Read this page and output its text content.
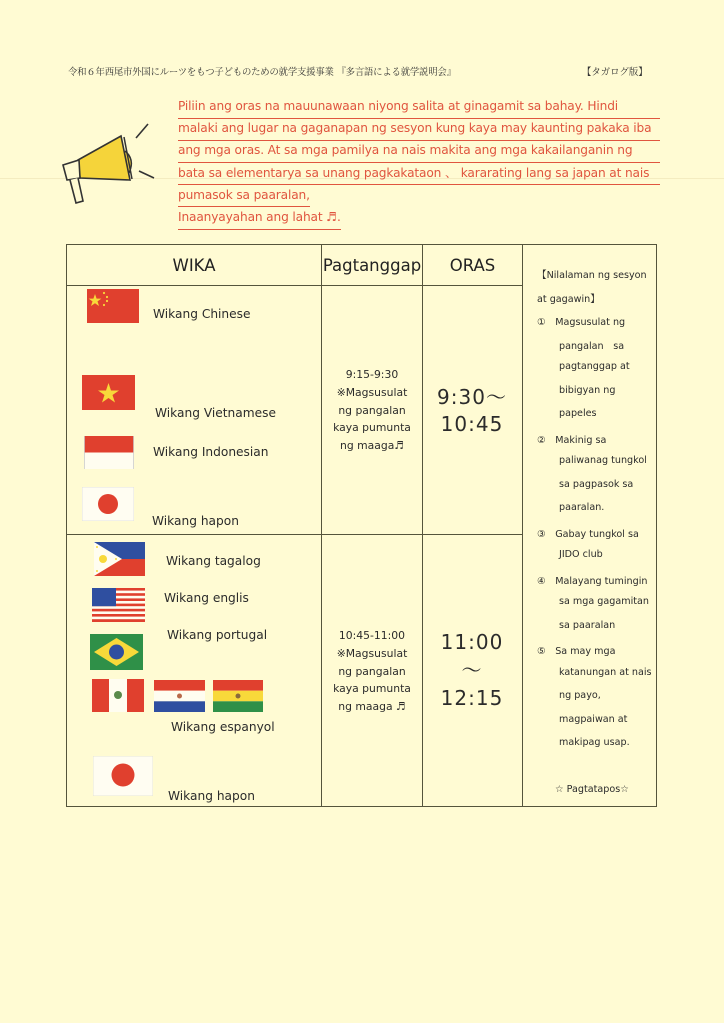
令和６年西尾市外国にルーツをもつ子どものための就学支援事業 『多言語による就学説明会』	【タガログ版】
Piliin ang oras na mauunawaan niyong salita at ginagamit sa bahay. Hindi
malaki ang lugar na gaganapan ng sesyon kung kaya may kaunting pakaka iba
ang mga oras. At sa mga pamilya na nais makita ang mga kakailanganin ng
bata sa elementarya sa unang pagkakataon 、 kararating lang sa japan at nais
pumasok sa paaralan,
Inaanyayahan ang lahat ♬.
WIKA	Pagtanggap ORAS
Wikang Chinese
Wikang Vietnamese
Wikang Indonesian
Wikang hapon
9:15-9:30
※Magsusulat
ng pangalan
kaya pumunta
ng maaga♬
9:30～
10:45
Wikang tagalog
Wikang englis
Wikang portugal
Wikang espanyol
Wikang hapon
10:45-11:00
※Magsusulat
ng pangalan
kaya pumunta
ng maaga ♬
11:00
～
12:15
【Nilalaman ng sesyon
at gagawin】
①　Magsusulat ng
pangalan　sa
pagtanggap at
bibigyan ng
papeles
②　Makinig sa
paliwanag tungkol
sa pagpasok sa
paaralan.
③　Gabay tungkol sa
JIDO club
④　Malayang tumingin
sa mga gagamitan
sa paaralan
⑤　Sa may mga
katanungan at nais
ng payo,
magpaiwan at
makipag usap.
☆ Pagtatapos☆
